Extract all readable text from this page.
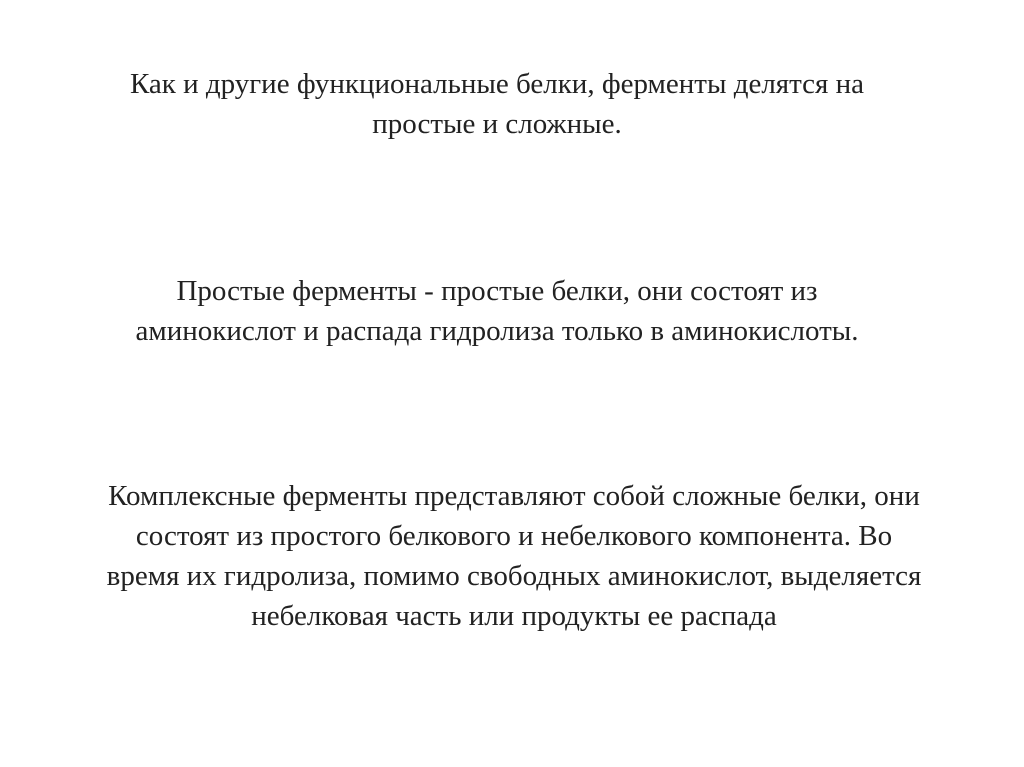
Как и другие функциональные белки, ферменты делятся на
простые и сложные.

Простые ферменты - простые белки, они состоят из
аминокислот и распада гидролиза только в аминокислоты.

Комплексные ферменты представляют собой сложные белки, они
состоят из простого белкового и небелкового компонента. Во
время их гидролиза, помимо свободных аминокислот, выделяется
небелковая часть или продукты ее распада
